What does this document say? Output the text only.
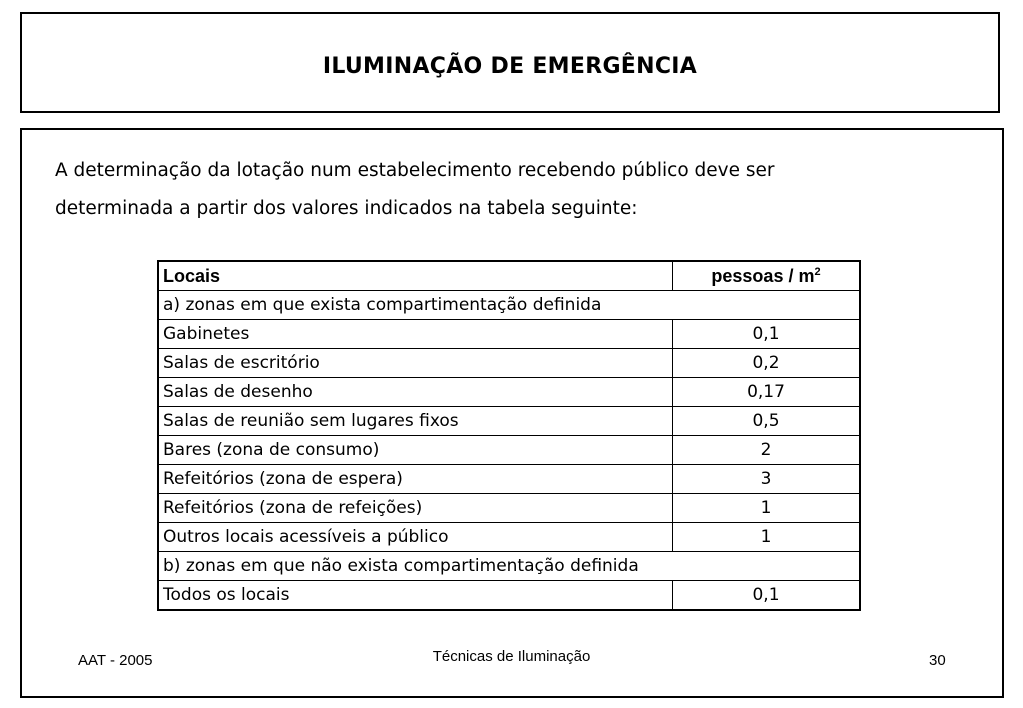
ILUMINAÇÃO DE EMERGÊNCIA
A determinação da lotação num estabelecimento recebendo público deve ser
determinada a partir dos valores indicados na tabela seguinte:
Locais	pessoas / $m^2$
a) zonas em que exista compartimentação definida	
Gabinetes	0,1
Salas de escritório	0,2
Salas de desenho	0,17
Salas de reunião sem lugares fixos	0,5
Bares (zona de consumo)	2
Refeitórios (zona de espera)	3
Refeitórios (zona de refeições)	1
Outros locais acessíveis a público	1
b) zonas em que não exista compartimentação definida	
Todos os locais	0,1
AAT - 2005	Técnicas de Iluminação	30
